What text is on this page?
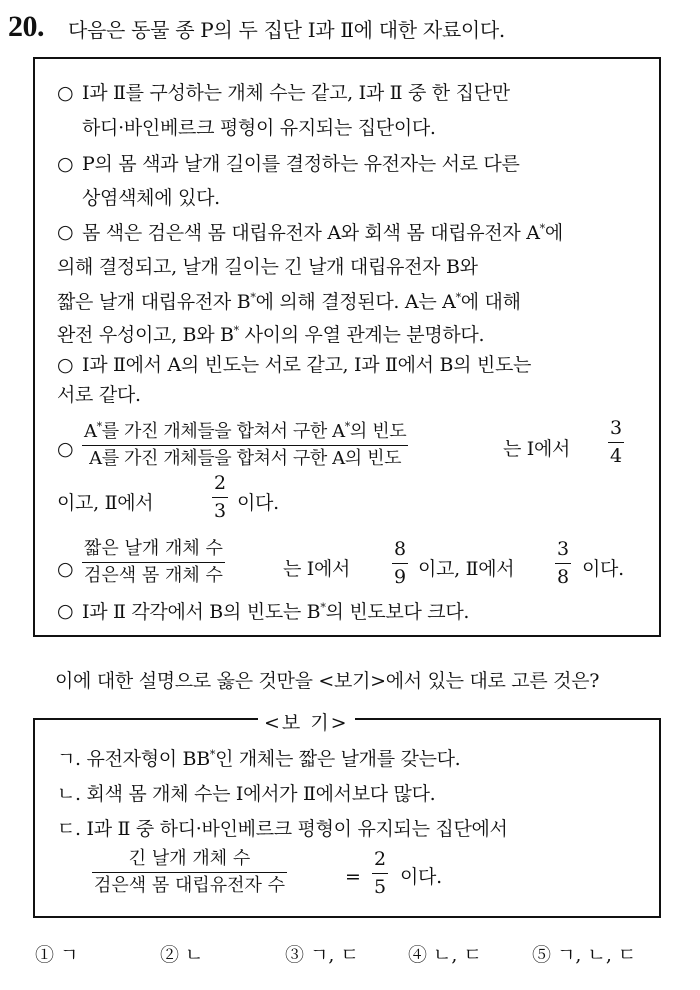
20. 다음은 동물 종 P의 두 집단 Ⅰ과 Ⅱ에 대한 자료이다.
○ Ⅰ과 Ⅱ를 구성하는 개체 수는 같고, Ⅰ과 Ⅱ 중 한 집단만
하디·바인베르크 평형이 유지되는 집단이다.
○ P의 몸 색과 날개 길이를 결정하는 유전자는 서로 다른
상염색체에 있다.
○ 몸 색은 검은색 몸 대립유전자 A와 회색 몸 대립유전자 A*에
의해 결정되고, 날개 길이는 긴 날개 대립유전자 B와
짧은 날개 대립유전자 B*에 의해 결정된다. A는 A*에 대해
완전 우성이고, B와 B* 사이의 우열 관계는 분명하다.
○ Ⅰ과 Ⅱ에서 A의 빈도는 서로 같고, Ⅰ과 Ⅱ에서 B의 빈도는
서로 같다.
○
A*를 가진 개체들을 합쳐서 구한 A*의 빈도
A를 가진 개체들을 합쳐서 구한 A의 빈도	는 Ⅰ에서
3
4
이고, Ⅱ에서
2
3 이다.
○
짧은 날개 개체 수
검은색 몸 개체 수	는 Ⅰ에서
8
9 이고, Ⅱ에서
3
8 이다.
○ Ⅰ과 Ⅱ 각각에서 B의 빈도는 B*의 빈도보다 크다.
이에 대한 설명으로 옳은 것만을 <보기>에서 있는 대로 고른 것은?
<보 기>
ㄱ. 유전자형이 BB*인 개체는 짧은 날개를 갖는다.
ㄴ. 회색 몸 개체 수는 Ⅰ에서가 Ⅱ에서보다 많다.
ㄷ. Ⅰ과 Ⅱ 중 하디·바인베르크 평형이 유지되는 집단에서
긴 날개 개체 수
검은색 몸 대립유전자 수	=
2
5 이다.
① ㄱ	② ㄴ	③ ㄱ, ㄷ	④ ㄴ, ㄷ	⑤ ㄱ, ㄴ, ㄷ
